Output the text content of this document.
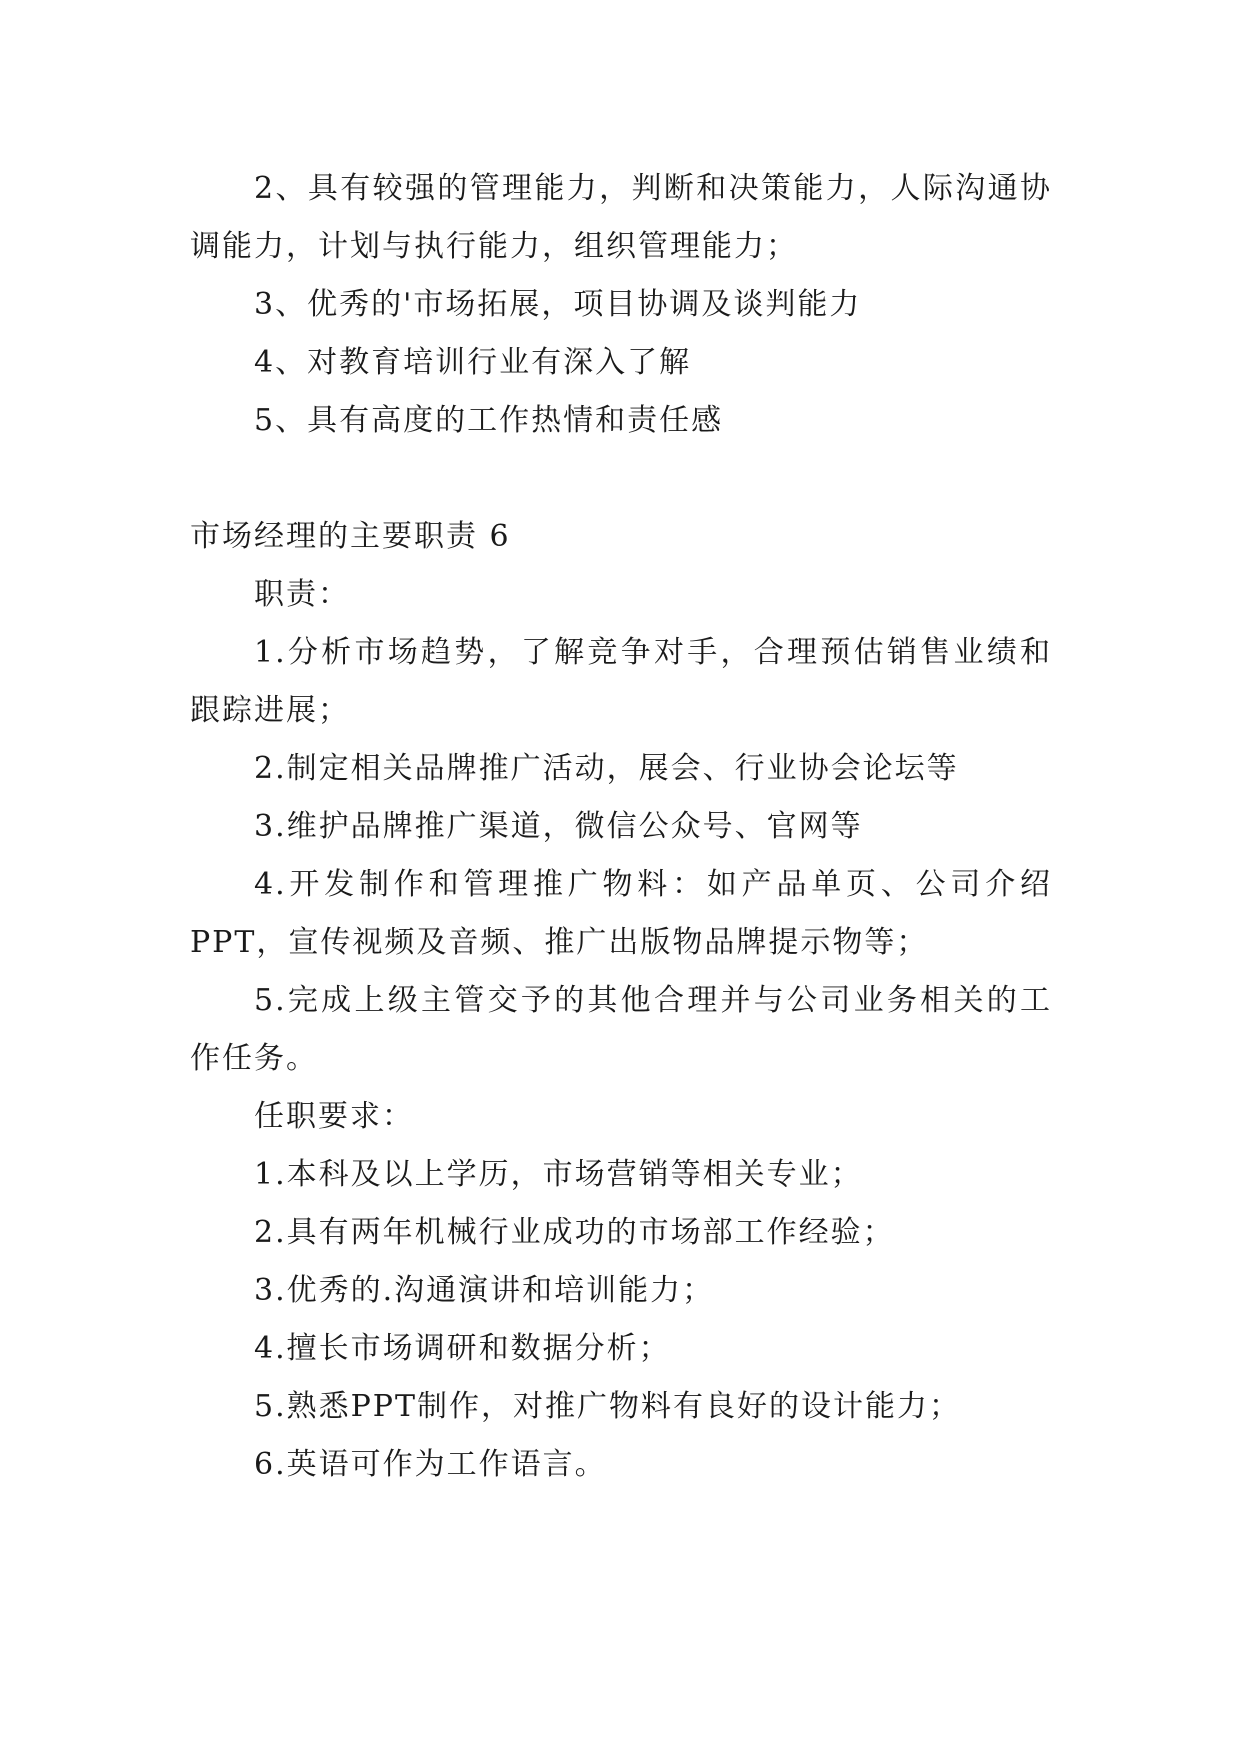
2、具有较强的管理能力，判断和决策能力，人际沟通协调能力，计划与执行能力，组织管理能力；

3、优秀的'市场拓展，项目协调及谈判能力

4、对教育培训行业有深入了解

5、具有高度的工作热情和责任感

市场经理的主要职责 6

职责：

1.分析市场趋势，了解竞争对手，合理预估销售业绩和跟踪进展；

2.制定相关品牌推广活动，展会、行业协会论坛等

3.维护品牌推广渠道，微信公众号、官网等

4.开发制作和管理推广物料：如产品单页、公司介绍PPT，宣传视频及音频、推广出版物品牌提示物等；

5.完成上级主管交予的其他合理并与公司业务相关的工作任务。

任职要求：

1.本科及以上学历，市场营销等相关专业；

2.具有两年机械行业成功的市场部工作经验；

3.优秀的.沟通演讲和培训能力；

4.擅长市场调研和数据分析；

5.熟悉PPT制作，对推广物料有良好的设计能力；

6.英语可作为工作语言。
